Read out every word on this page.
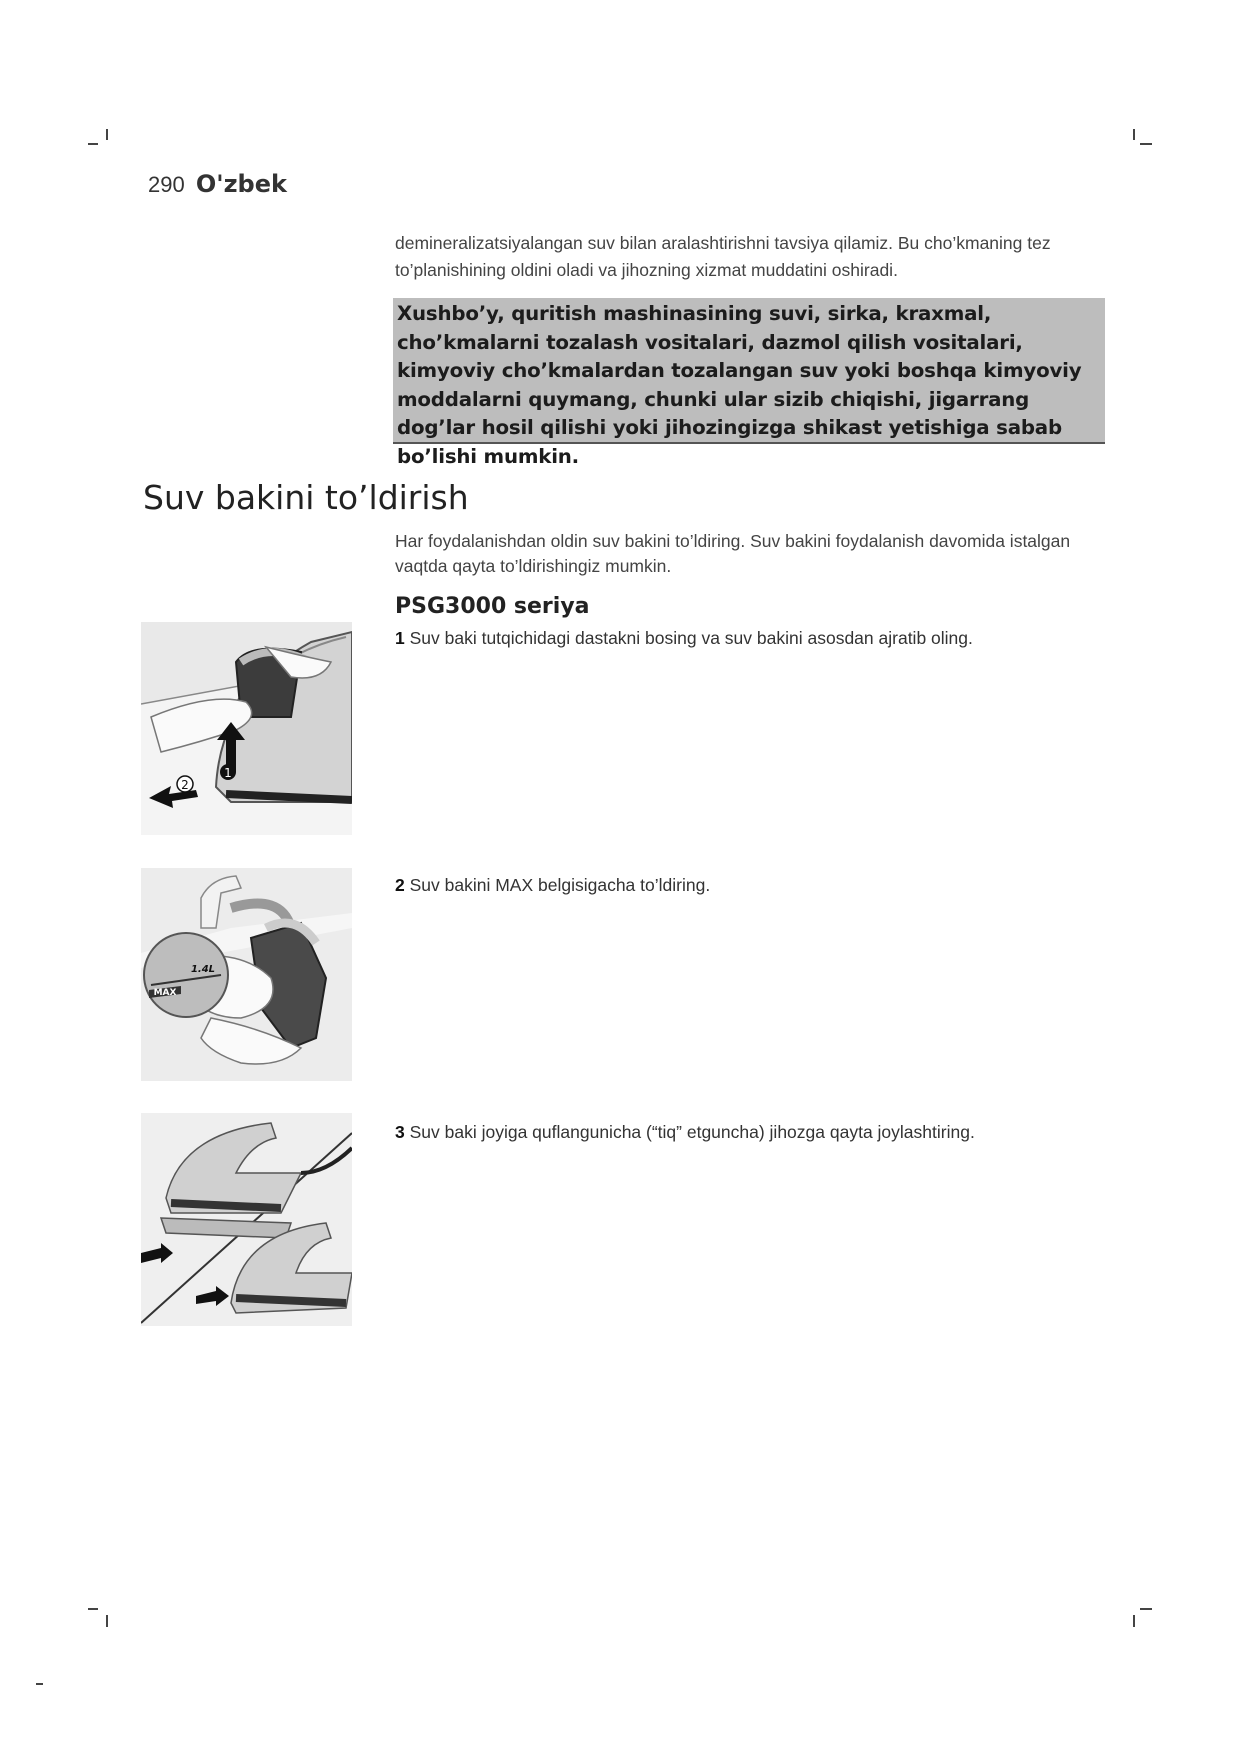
290 O'zbek
demineralizatsiyalangan suv bilan aralashtirishni tavsiya qilamiz. Bu cho’kmaning tez to’planishining oldini oladi va jihozning xizmat muddatini oshiradi.
Xushbo’y, quritish mashinasining suvi, sirka, kraxmal, cho’kmalarni tozalash vositalari, dazmol qilish vositalari, kimyoviy cho’kmalardan tozalangan suv yoki boshqa kimyoviy moddalarni quymang, chunki ular sizib chiqishi, jigarrang dog’lar hosil qilishi yoki jihozingizga shikast yetishiga sabab bo’lishi mumkin.
Suv bakini to’ldirish
Har foydalanishdan oldin suv bakini to’ldiring. Suv bakini foydalanish davomida istalgan vaqtda qayta to’ldirishingiz mumkin.
PSG3000 seriya
1 Suv baki tutqichidagi dastakni bosing va suv bakini asosdan ajratib oling.
1
2
2 Suv bakini MAX belgisigacha to’ldiring.
MAX
1.4L
3 Suv baki joyiga quflangunicha (“tiq” etguncha) jihozga qayta joylashtiring.
